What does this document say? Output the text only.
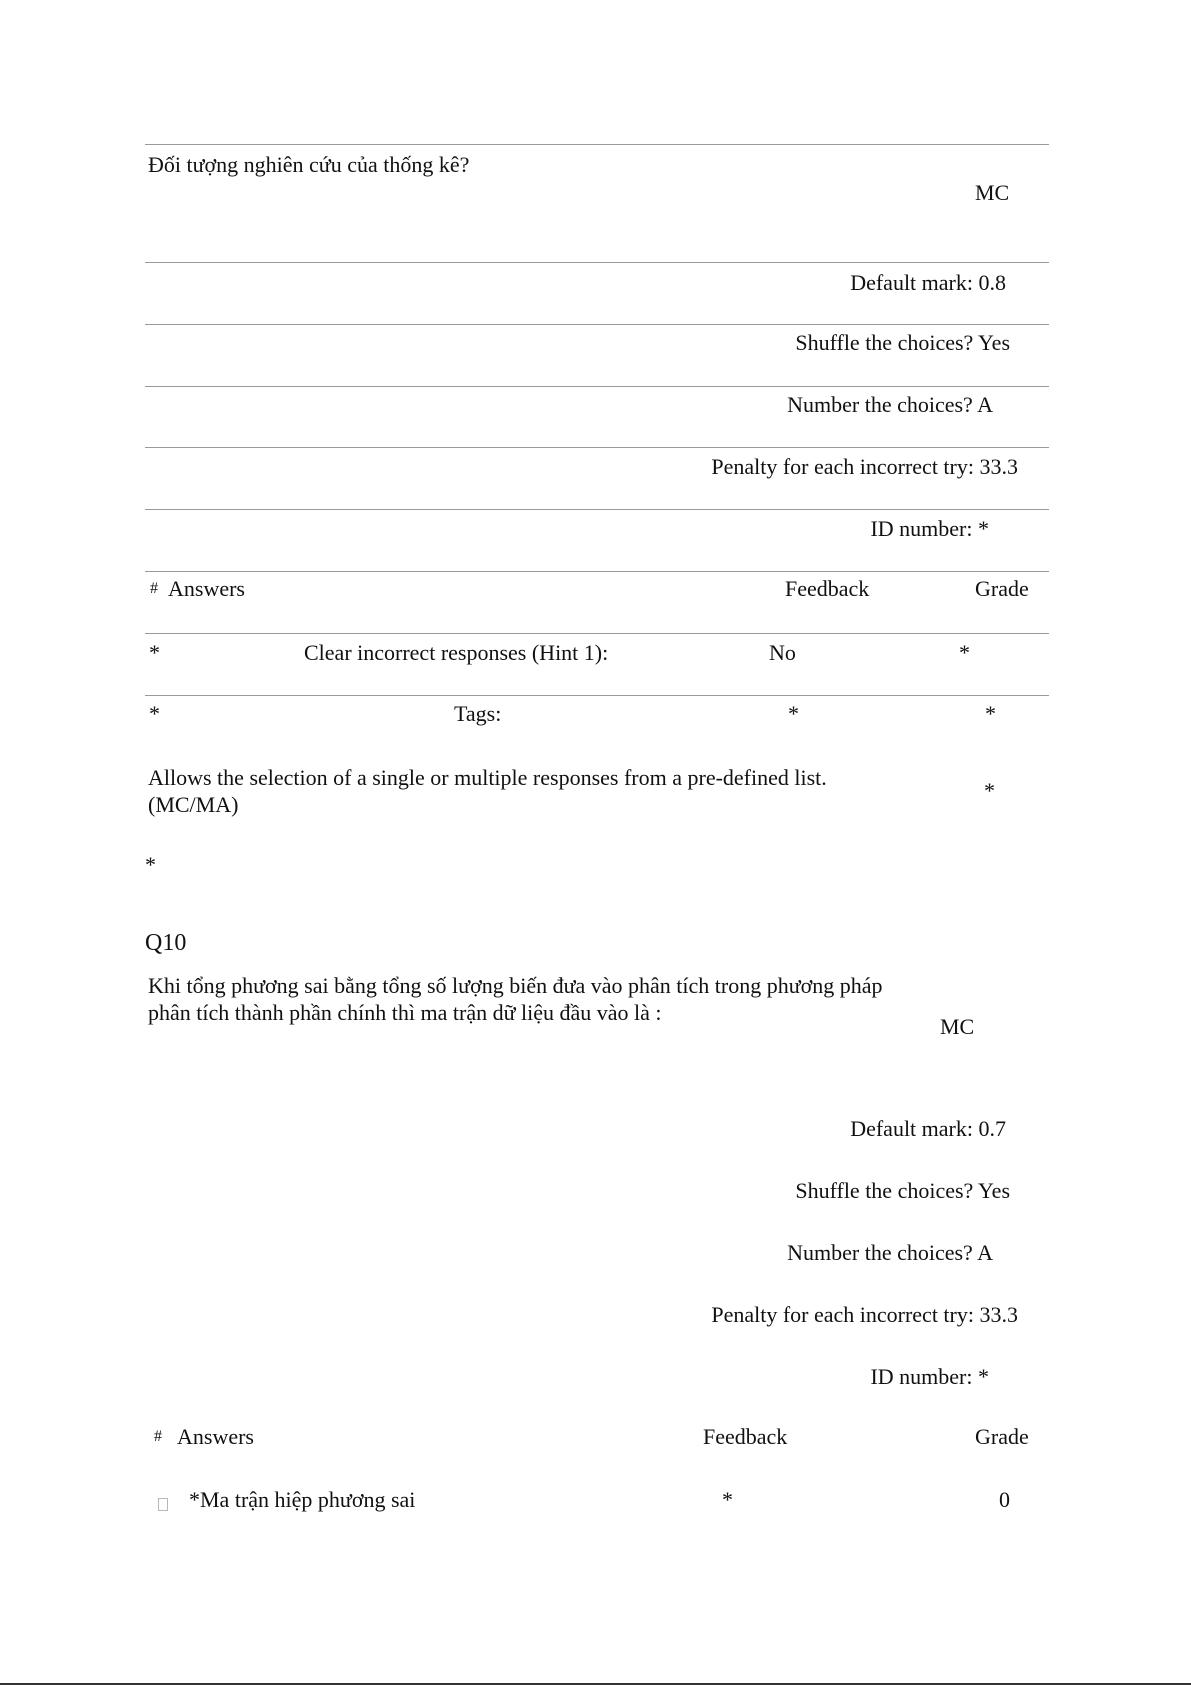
Đối tượng nghiên cứu của thống kê?
MC
Default mark: 0.8
Shuffle the choices? Yes
Number the choices? A
Penalty for each incorrect try: 33.3
ID number: *
# Answers	Feedback	Grade
*	Clear incorrect responses (Hint 1):	No	*
*	Tags:	*	*
Allows the selection of a single or multiple responses from a pre-defined list. (MC/MA)
*
*
Q10
Khi tổng phương sai bằng tổng số lượng biến đưa vào phân tích trong phương pháp phân tích thành phần chính thì ma trận dữ liệu đầu vào là :
MC
Default mark: 0.7
Shuffle the choices? Yes
Number the choices? A
Penalty for each incorrect try: 33.3
ID number: *
# Answers	Feedback	Grade
*Ma trận hiệp phương sai	*	0
